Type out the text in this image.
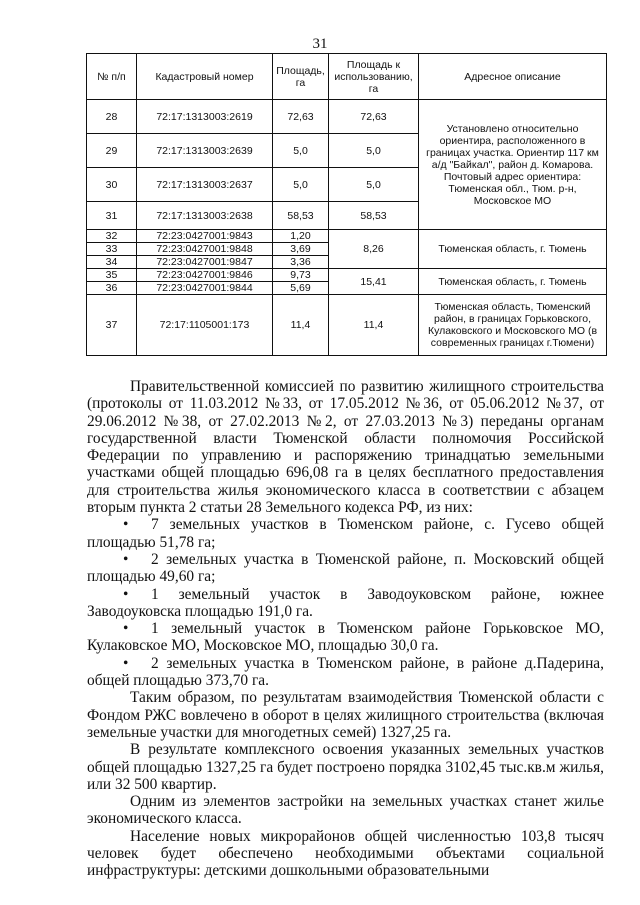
31
№ п/п	Кадастровый номер	Площадь, га	Площадь к использованию, га	Адресное описание
28	72:17:1313003:2619	72,63	72,63	Установлено относительно ориентира, расположенного в границах участка. Ориентир 117 км а/д "Байкал", район д. Комарова. Почтовый адрес ориентира: Тюменская обл., Тюм. р-н, Московское МО
29	72:17:1313003:2639	5,0	5,0	
30	72:17:1313003:2637	5,0	5,0	
31	72:17:1313003:2638	58,53	58,53	
32	72:23:0427001:9843	1,20	8,26	Тюменская область, г. Тюмень
33	72:23:0427001:9848	3,69		
34	72:23:0427001:9847	3,36		
35	72:23:0427001:9846	9,73	15,41	Тюменская область, г. Тюмень
36	72:23:0427001:9844	5,69		
37	72:17:1105001:173	11,4	11,4	Тюменская область, Тюменский район, в границах Горьковского, Кулаковского и Московского МО (в современных границах г.Тюмени)

Правительственной комиссией по развитию жилищного строительства (протоколы от 11.03.2012 №33, от 17.05.2012 №36, от 05.06.2012 №37, от 29.06.2012 №38, от 27.02.2013 №2, от 27.03.2013 №3) переданы органам государственной власти Тюменской области полномочия Российской Федерации по управлению и распоряжению тринадцатью земельными участками общей площадью 696,08 га в целях бесплатного предоставления для строительства жилья экономического класса в соответствии с абзацем вторым пункта 2 статьи 28 Земельного кодекса РФ, из них:

• 7 земельных участков в Тюменском районе, с. Гусево общей площадью 51,78 га;

• 2 земельных участка в Тюменской районе, п. Московский общей площадью 49,60 га;

• 1 земельный участок в Заводоуковском районе, южнее Заводоуковска площадью 191,0 га.

• 1 земельный участок в Тюменском районе Горьковское МО, Кулаковское МО, Московское МО, площадью 30,0 га.

• 2 земельных участка в Тюменском районе, в районе д.Падерина, общей площадью 373,70 га.

Таким образом, по результатам взаимодействия Тюменской области с Фондом РЖС вовлечено в оборот в целях жилищного строительства (включая земельные участки для многодетных семей) 1327,25 га.

В результате комплексного освоения указанных земельных участков общей площадью 1327,25 га будет построено порядка 3102,45 тыс.кв.м жилья, или 32 500 квартир.

Одним из элементов застройки на земельных участках станет жилье экономического класса.

Население новых микрорайонов общей численностью 103,8 тысяч человек будет обеспечено необходимыми объектами социальной инфраструктуры: детскими дошкольными образовательными
